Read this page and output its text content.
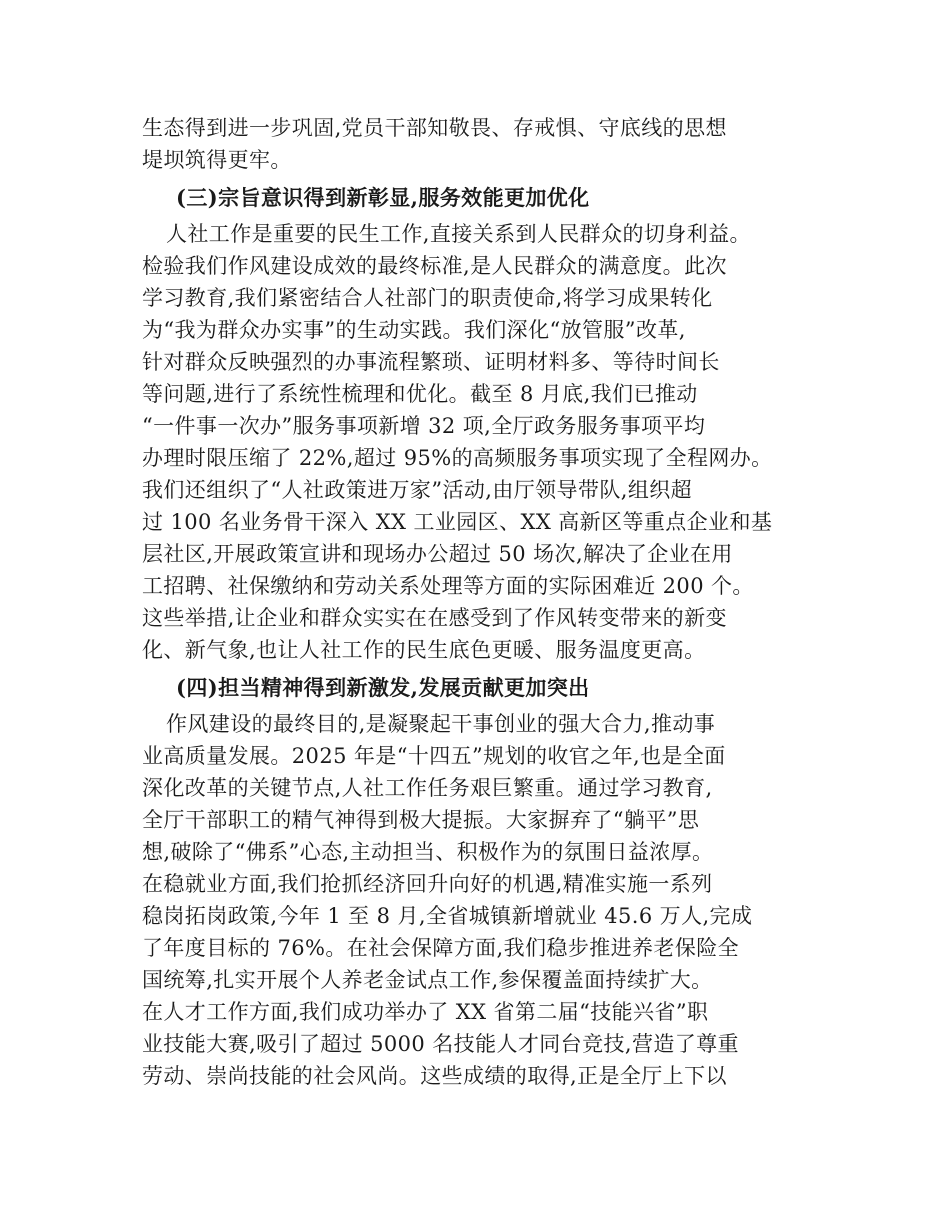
生态得到进一步巩固,党员干部知敬畏、存戒惧、守底线的思想
堤坝筑得更牢。
(三)宗旨意识得到新彰显,服务效能更加优化
人社工作是重要的民生工作,直接关系到人民群众的切身利益。
检验我们作风建设成效的最终标准,是人民群众的满意度。此次
学习教育,我们紧密结合人社部门的职责使命,将学习成果转化
为“我为群众办实事”的生动实践。我们深化“放管服”改革,
针对群众反映强烈的办事流程繁琐、证明材料多、等待时间长
等问题,进行了系统性梳理和优化。截至 8 月底,我们已推动
“一件事一次办”服务事项新增 32 项,全厅政务服务事项平均
办理时限压缩了 22%,超过 95%的高频服务事项实现了全程网办。
我们还组织了“人社政策进万家”活动,由厅领导带队,组织超
过 100 名业务骨干深入 XX 工业园区、XX 高新区等重点企业和基
层社区,开展政策宣讲和现场办公超过 50 场次,解决了企业在用
工招聘、社保缴纳和劳动关系处理等方面的实际困难近 200 个。
这些举措,让企业和群众实实在在感受到了作风转变带来的新变
化、新气象,也让人社工作的民生底色更暖、服务温度更高。
(四)担当精神得到新激发,发展贡献更加突出
作风建设的最终目的,是凝聚起干事创业的强大合力,推动事
业高质量发展。2025 年是“十四五”规划的收官之年,也是全面
深化改革的关键节点,人社工作任务艰巨繁重。通过学习教育,
全厅干部职工的精气神得到极大提振。大家摒弃了“躺平”思
想,破除了“佛系”心态,主动担当、积极作为的氛围日益浓厚。
在稳就业方面,我们抢抓经济回升向好的机遇,精准实施一系列
稳岗拓岗政策,今年 1 至 8 月,全省城镇新增就业 45.6 万人,完成
了年度目标的 76%。在社会保障方面,我们稳步推进养老保险全
国统筹,扎实开展个人养老金试点工作,参保覆盖面持续扩大。
在人才工作方面,我们成功举办了 XX 省第二届“技能兴省”职
业技能大赛,吸引了超过 5000 名技能人才同台竞技,营造了尊重
劳动、崇尚技能的社会风尚。这些成绩的取得,正是全厅上下以
